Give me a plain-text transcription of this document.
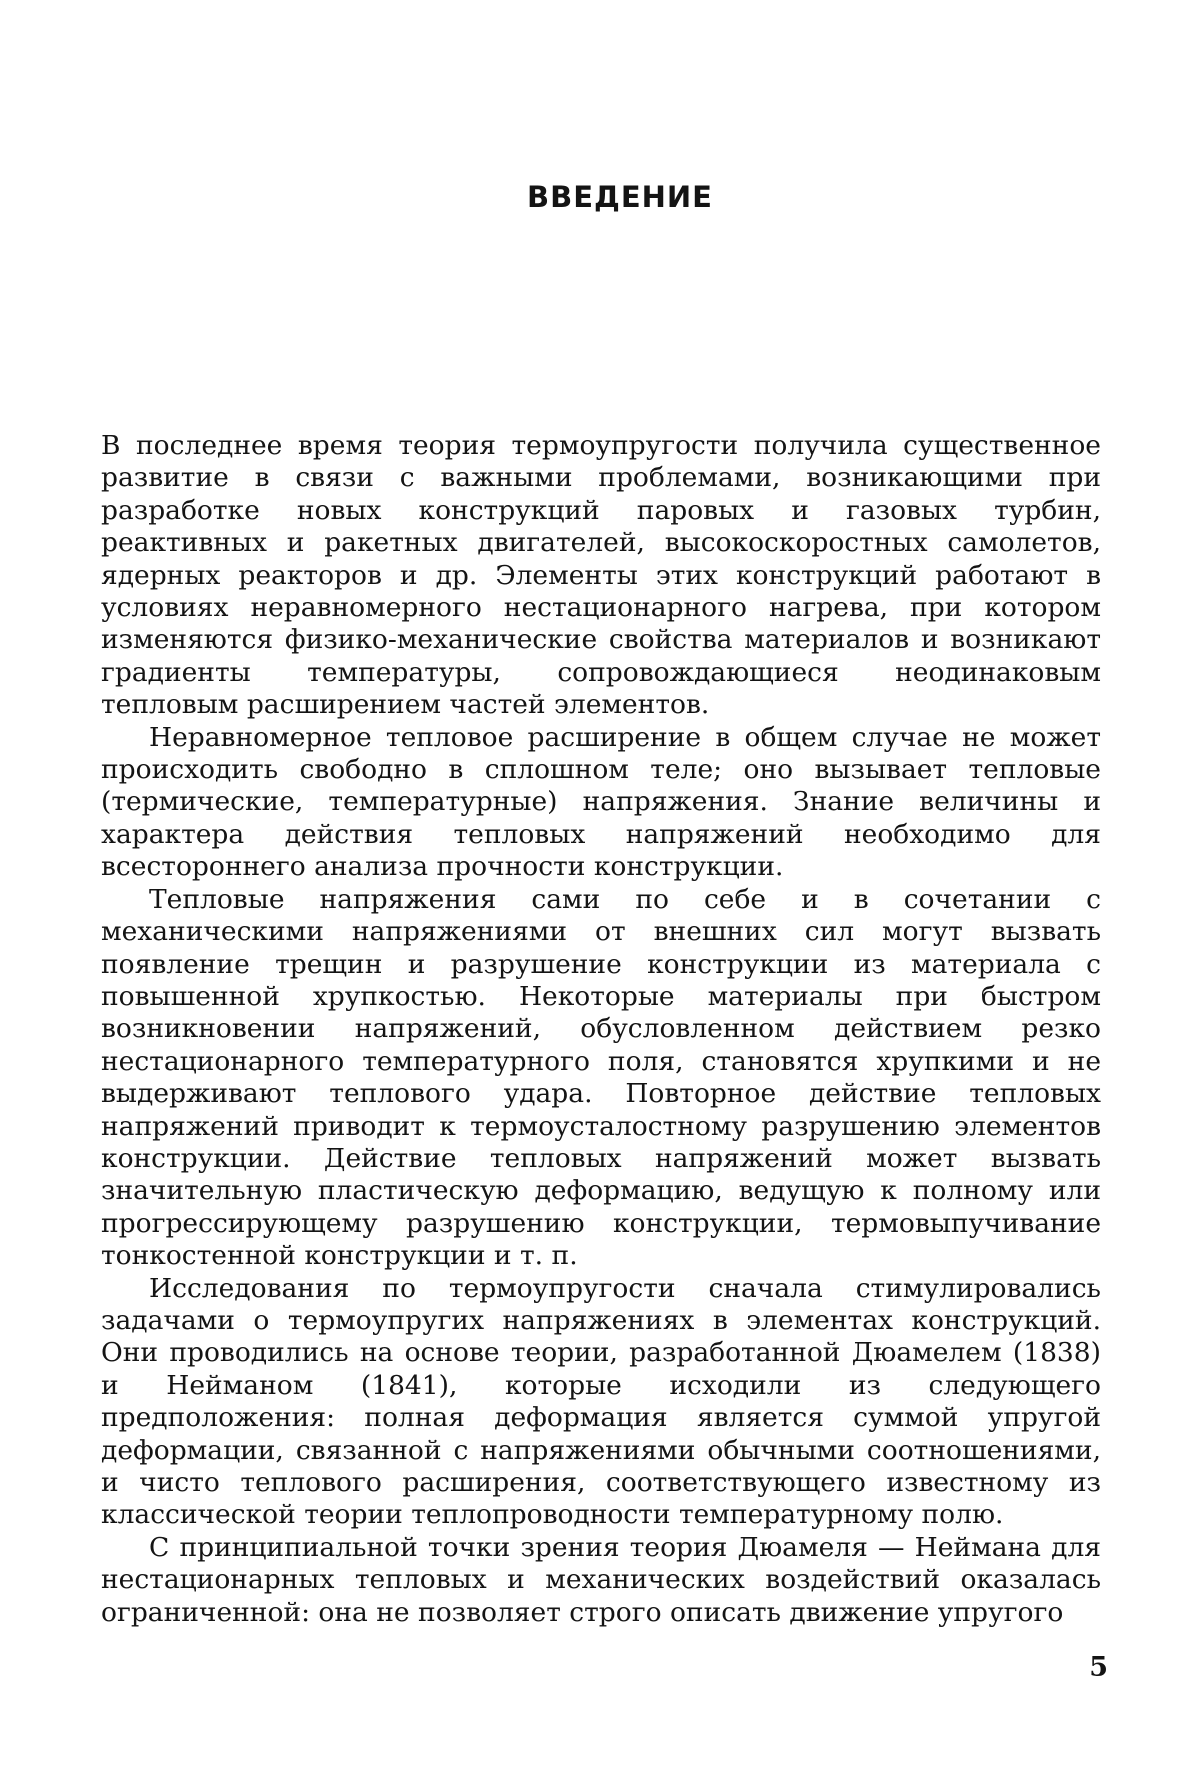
ВВЕДЕНИЕ

В последнее время теория термоупругости получила существенное развитие в связи с важными проблемами, возникающими при разработке новых конструкций паровых и газовых турбин, реактивных и ракетных двигателей, высокоскоростных самолетов, ядерных реакторов и др. Элементы этих конструкций работают в условиях неравномерного нестационарного нагрева, при котором изменяются физико-механические свойства материалов и возникают градиенты температуры, сопровождающиеся неодинаковым тепловым расширением частей элементов.

Неравномерное тепловое расширение в общем случае не может происходить свободно в сплошном теле; оно вызывает тепловые (термические, температурные) напряжения. Знание величины и характера действия тепловых напряжений необходимо для всестороннего анализа прочности конструкции.

Тепловые напряжения сами по себе и в сочетании с механическими напряжениями от внешних сил могут вызвать появление трещин и разрушение конструкции из материала с повышенной хрупкостью. Некоторые материалы при быстром возникновении напряжений, обусловленном действием резко нестационарного температурного поля, становятся хрупкими и не выдерживают теплового удара. Повторное действие тепловых напряжений приводит к термоусталостному разрушению элементов конструкции. Действие тепловых напряжений может вызвать значительную пластическую деформацию, ведущую к полному или прогрессирующему разрушению конструкции, термовыпучивание тонкостенной конструкции и т. п.

Исследования по термоупругости сначала стимулировались задачами о термоупругих напряжениях в элементах конструкций. Они проводились на основе теории, разработанной Дюамелем (1838) и Нейманом (1841), которые исходили из следующего предположения: полная деформация является суммой упругой деформации, связанной с напряжениями обычными соотношениями, и чисто теплового расширения, соответствующего известному из классической теории теплопроводности температурному полю.

С принципиальной точки зрения теория Дюамеля — Неймана для нестационарных тепловых и механических воздействий оказалась ограниченной: она не позволяет строго описать движение упругого

5
